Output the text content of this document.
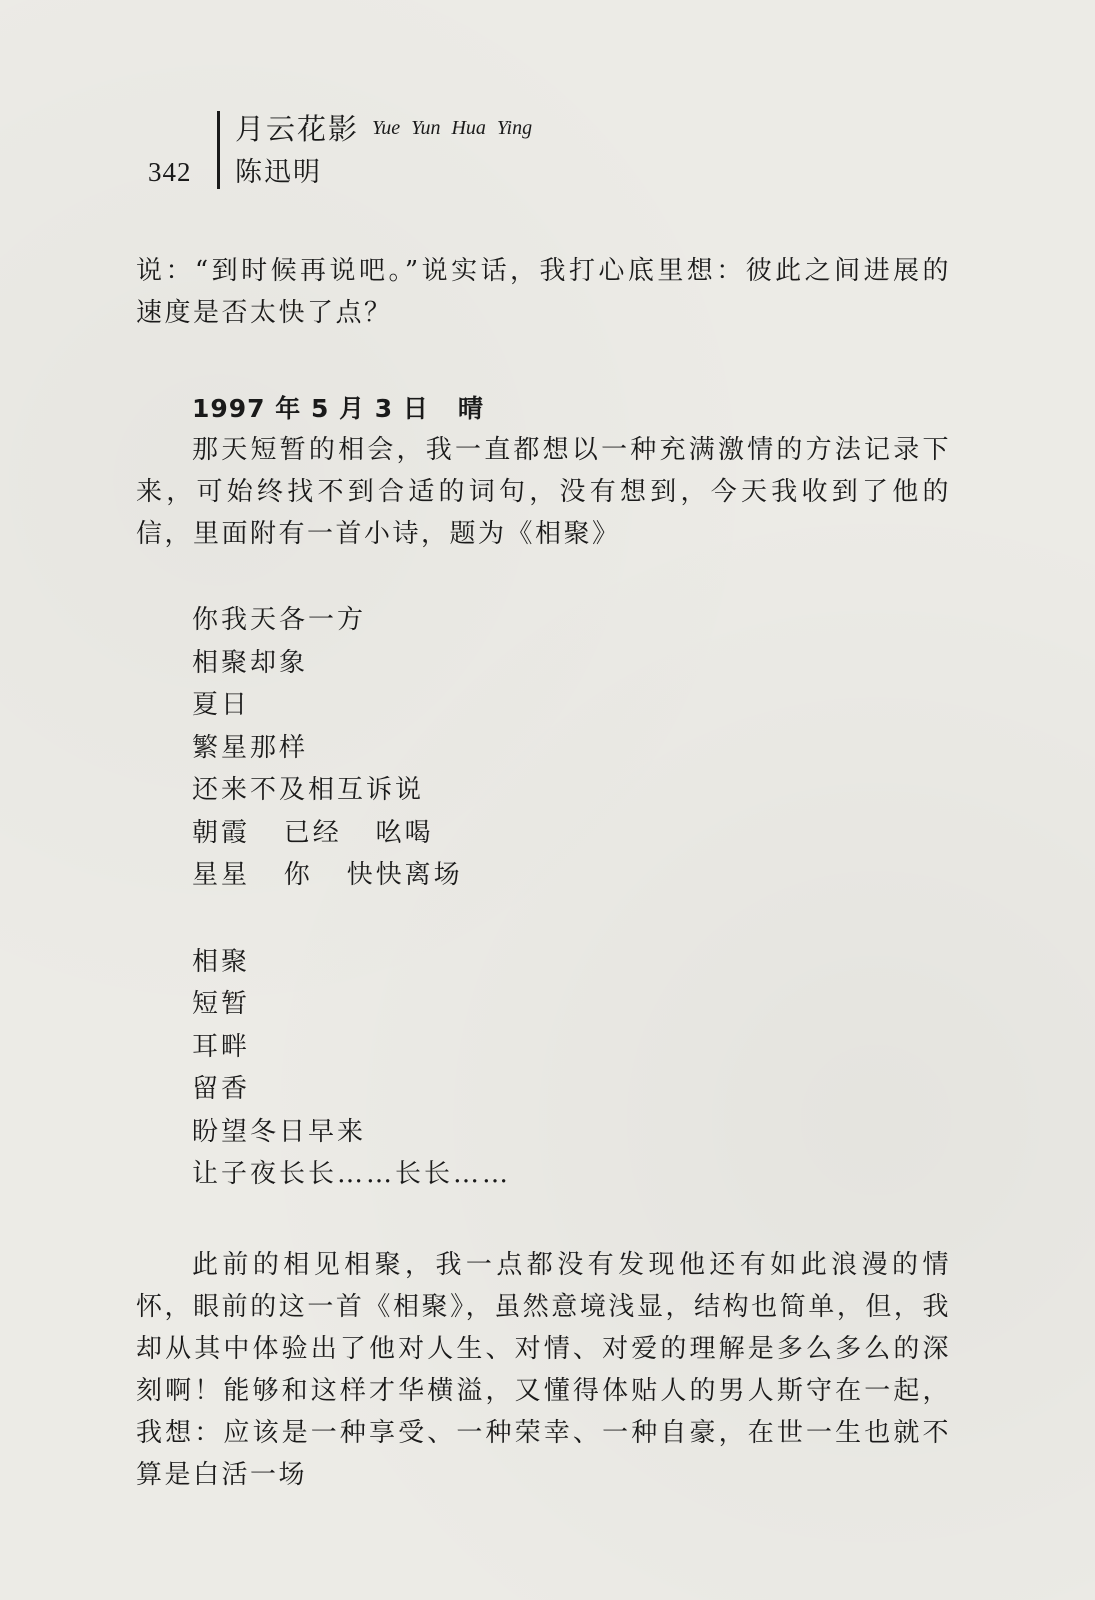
342
月云花影 Yue Yun Hua Ying
陈迅明

说：“到时候再说吧。”说实话，我打心底里想：彼此之间进展的速度是否太快了点？

1997 年 5 月 3 日   晴

那天短暂的相会，我一直都想以一种充满激情的方法记录下来，可始终找不到合适的词句，没有想到，今天我收到了他的信，里面附有一首小诗，题为《相聚》

你我天各一方
相聚却象
夏日
繁星那样
还来不及相互诉说
朝霞   已经   吆喝
星星   你   快快离场
相聚
短暂
耳畔
留香
盼望冬日早来
让子夜长长……长长……

此前的相见相聚，我一点都没有发现他还有如此浪漫的情怀，眼前的这一首《相聚》，虽然意境浅显，结构也简单，但，我却从其中体验出了他对人生、对情、对爱的理解是多么多么的深刻啊！能够和这样才华横溢，又懂得体贴人的男人斯守在一起，我想：应该是一种享受、一种荣幸、一种自豪，在世一生也就不算是白活一场
